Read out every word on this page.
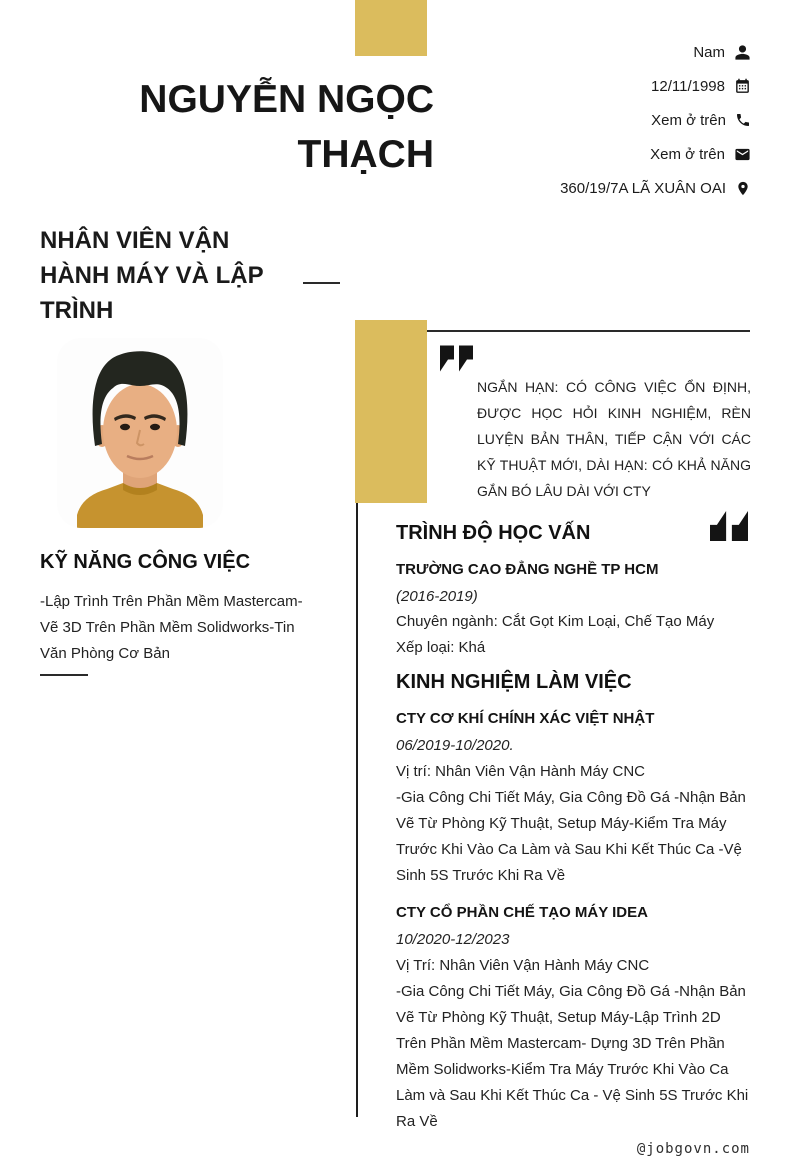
Nam
12/11/1998
Xem ở trên
Xem ở trên
360/19/7A LÃ XUÂN OAI
NGUYỄN NGỌC THẠCH
NHÂN VIÊN VẬN HÀNH MÁY VÀ LẬP TRÌNH
KỸ NĂNG CÔNG VIỆC
-Lập Trình Trên Phần Mềm Mastercam-Vẽ 3D Trên Phần Mềm Solidworks-Tin Văn Phòng Cơ Bản
NGẮN HẠN: CÓ CÔNG VIỆC ỔN ĐỊNH, ĐƯỢC HỌC HỎI KINH NGHIỆM, RÈN LUYỆN BẢN THÂN, TIẾP CẬN VỚI CÁC KỸ THUẬT MỚI, DÀI HẠN: CÓ KHẢ NĂNG GẮN BÓ LÂU DÀI VỚI CTY
TRÌNH ĐỘ HỌC VẤN
TRƯỜNG CAO ĐẲNG NGHỀ TP HCM
(2016-2019)
Chuyên ngành: Cắt Gọt Kim Loại, Chế Tạo Máy
Xếp loại: Khá
KINH NGHIỆM LÀM VIỆC
CTY CƠ KHÍ CHÍNH XÁC VIỆT NHẬT
06/2019-10/2020.
Vị trí: Nhân Viên Vận Hành Máy CNC
-Gia Công Chi Tiết Máy, Gia Công Đồ Gá -Nhận Bản Vẽ Từ Phòng Kỹ Thuật, Setup Máy-Kiểm Tra Máy Trước Khi Vào Ca Làm và Sau Khi Kết Thúc Ca -Vệ Sinh 5S Trước Khi Ra Về
CTY CỔ PHẦN CHẾ TẠO MÁY IDEA
10/2020-12/2023
Vị Trí: Nhân Viên Vận Hành Máy CNC
-Gia Công Chi Tiết Máy, Gia Công Đồ Gá -Nhận Bản Vẽ Từ Phòng Kỹ Thuật, Setup Máy-Lập Trình 2D Trên Phần Mềm Mastercam- Dựng 3D Trên Phần Mềm Solidworks-Kiểm Tra Máy Trước Khi Vào Ca Làm và Sau Khi Kết Thúc Ca - Vệ Sinh 5S Trước Khi Ra Về
@jobgovn.com
